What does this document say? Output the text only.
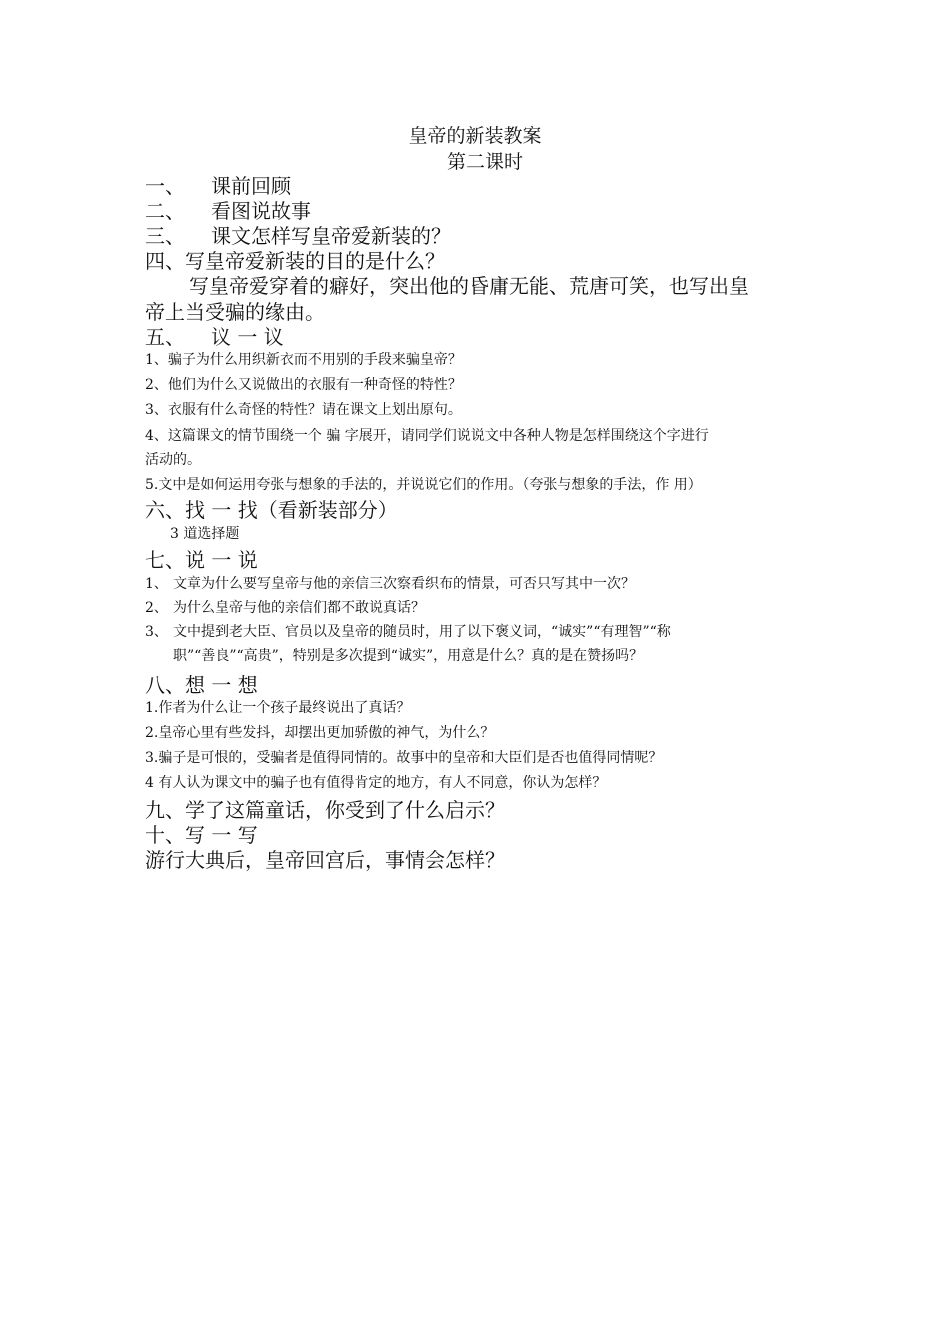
皇帝的新装教案
第二课时
一、 课前回顾
二、 看图说故事
三、 课文怎样写皇帝爱新装的？
四、写皇帝爱新装的目的是什么？
写皇帝爱穿着的癖好，突出他的昏庸无能、荒唐可笑，也写出皇
帝上当受骗的缘由。
五、 议 一 议
1、骗子为什么用织新衣而不用别的手段来骗皇帝？
2、他们为什么又说做出的衣服有一种奇怪的特性？
3、衣服有什么奇怪的特性？请在课文上划出原句。
4、这篇课文的情节围绕一个 骗 字展开，请同学们说说文中各种人物是怎样围绕这个字进行
活动的。
5.文中是如何运用夸张与想象的手法的，并说说它们的作用。（夸张与想象的手法，作 用）
六、找 一 找（看新装部分）
3 道选择题
七、说 一 说
1、 文章为什么要写皇帝与他的亲信三次察看织布的情景，可否只写其中一次？
2、 为什么皇帝与他的亲信们都不敢说真话？
3、 文中提到老大臣、官员以及皇帝的随员时，用了以下褒义词，“诚实”“有理智”“称
职”“善良”“高贵”，特别是多次提到“诚实”，用意是什么？真的是在赞扬吗？
八、想 一 想
1.作者为什么让一个孩子最终说出了真话？
2.皇帝心里有些发抖，却摆出更加骄傲的神气，为什么？
3.骗子是可恨的，受骗者是值得同情的。故事中的皇帝和大臣们是否也值得同情呢？
4 有人认为课文中的骗子也有值得肯定的地方，有人不同意，你认为怎样？
九、学了这篇童话，你受到了什么启示？
十、写 一 写
游行大典后，皇帝回宫后，事情会怎样？
